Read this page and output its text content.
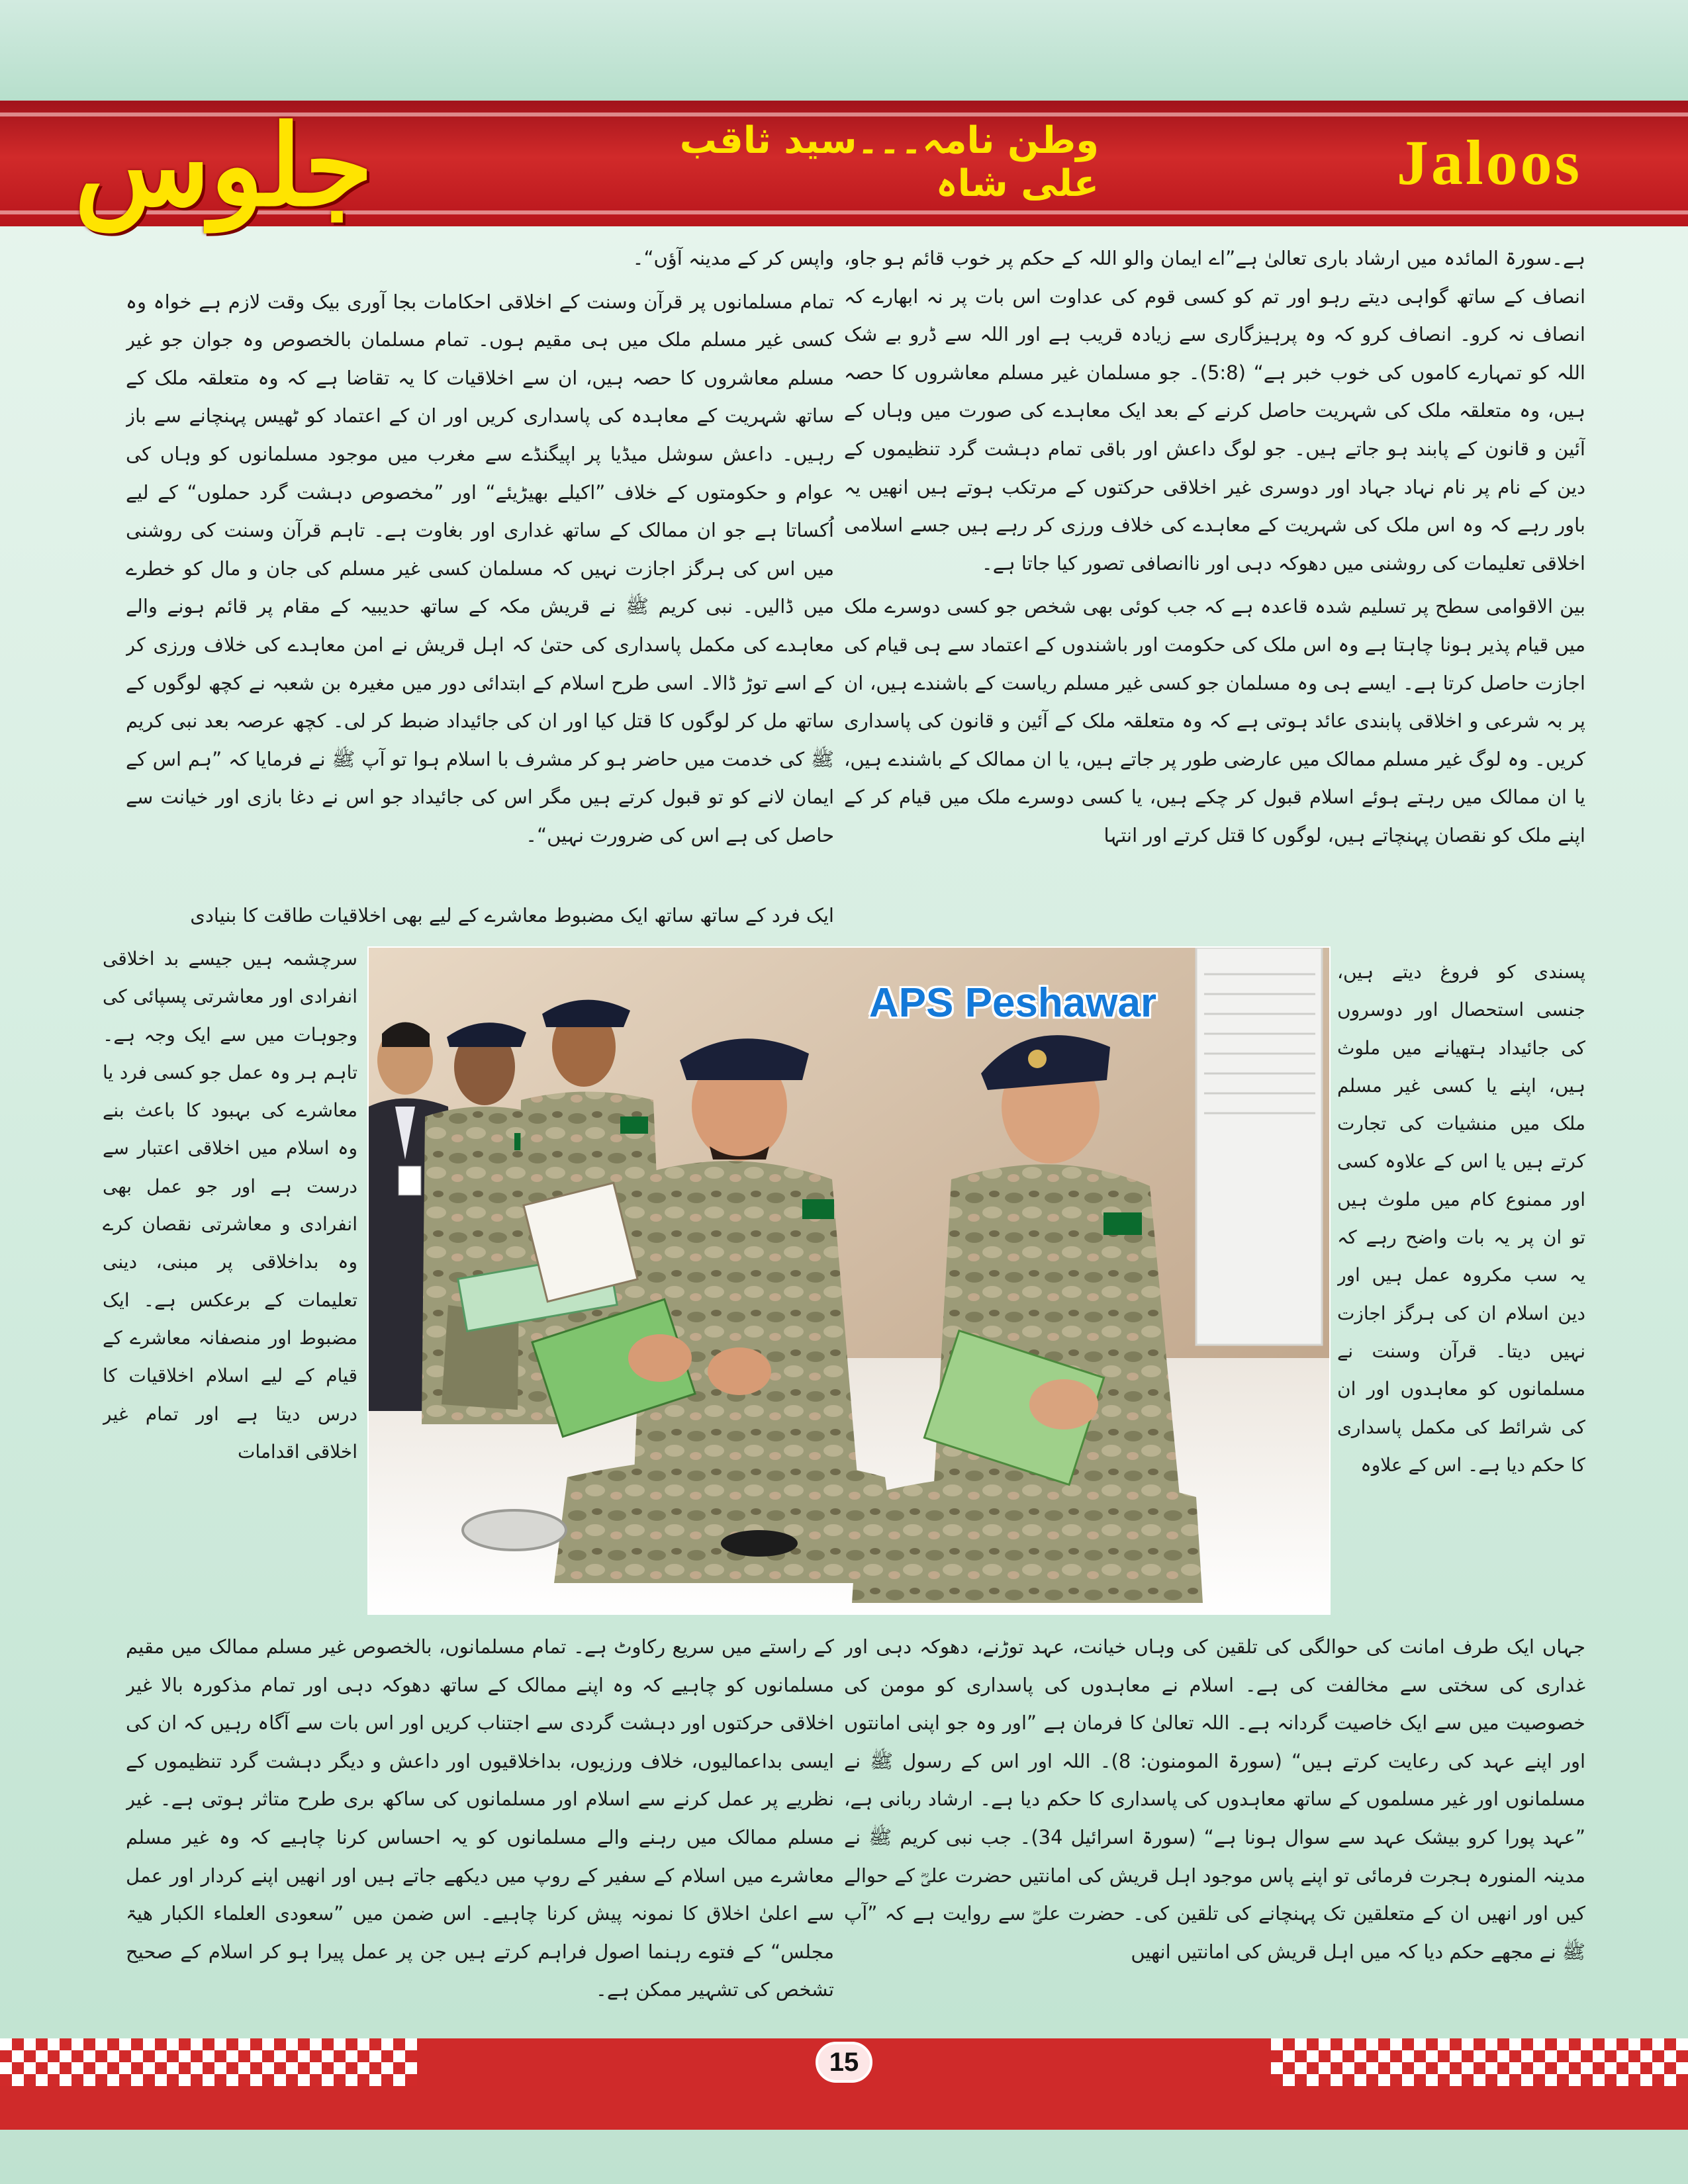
جلوس	وطن نامہ۔۔۔سید ثاقب علی شاہ	Jaloos

ہے۔سورۃ المائدہ میں ارشاد باری تعالیٰ ہے”اے ایمان والو اللہ کے حکم پر خوب قائم ہو جاو، انصاف کے ساتھ گواہی دیتے رہو اور تم کو کسی قوم کی عداوت اس بات پر نہ ابھارے کہ انصاف نہ کرو۔ انصاف کرو کہ وہ پرہیزگاری سے زیادہ قریب ہے اور اللہ سے ڈرو بے شک اللہ کو تمہارے کاموں کی خوب خبر ہے“ (5:8)۔ جو مسلمان غیر مسلم معاشروں کا حصہ ہیں، وہ متعلقہ ملک کی شہریت حاصل کرنے کے بعد ایک معاہدے کی صورت میں وہاں کے آئین و قانون کے پابند ہو جاتے ہیں۔ جو لوگ داعش اور باقی تمام دہشت گرد تنظیموں کے دین کے نام پر نام نہاد جہاد اور دوسری غیر اخلاقی حرکتوں کے مرتکب ہوتے ہیں انھیں یہ باور رہے کہ وہ اس ملک کی شہریت کے معاہدے کی خلاف ورزی کر رہے ہیں جسے اسلامی اخلاقی تعلیمات کی روشنی میں دھوکہ دہی اور ناانصافی تصور کیا جاتا ہے۔

بین الاقوامی سطح پر تسلیم شدہ قاعدہ ہے کہ جب کوئی بھی شخص جو کسی دوسرے ملک میں قیام پذیر ہونا چاہتا ہے وہ اس ملک کی حکومت اور باشندوں کے اعتماد سے ہی قیام کی اجازت حاصل کرتا ہے۔ ایسے ہی وہ مسلمان جو کسی غیر مسلم ریاست کے باشندے ہیں، ان پر بہ شرعی و اخلاقی پابندی عائد ہوتی ہے کہ وہ متعلقہ ملک کے آئین و قانون کی پاسداری کریں۔ وہ لوگ غیر مسلم ممالک میں عارضی طور پر جاتے ہیں، یا ان ممالک کے باشندے ہیں، یا ان ممالک میں رہتے ہوئے اسلام قبول کر چکے ہیں، یا کسی دوسرے ملک میں قیام کر کے اپنے ملک کو نقصان پہنچاتے ہیں، لوگوں کا قتل کرتے اور انتہا

واپس کر کے مدینہ آؤں“۔

تمام مسلمانوں پر قرآن وسنت کے اخلاقی احکامات بجا آوری بیک وقت لازم ہے خواہ وہ کسی غیر مسلم ملک میں ہی مقیم ہوں۔ تمام مسلمان بالخصوص وہ جوان جو غیر مسلم معاشروں کا حصہ ہیں، ان سے اخلاقیات کا یہ تقاضا ہے کہ وہ متعلقہ ملک کے ساتھ شہریت کے معاہدہ کی پاسداری کریں اور ان کے اعتماد کو ٹھیس پہنچانے سے باز رہیں۔ داعش سوشل میڈیا پر اپیگنڈے سے مغرب میں موجود مسلمانوں کو وہاں کی عوام و حکومتوں کے خلاف ”اکیلے بھیڑیئے“ اور ”مخصوص دہشت گرد حملوں“ کے لیے اُکساتا ہے جو ان ممالک کے ساتھ غداری اور بغاوت ہے۔ تاہم قرآن وسنت کی روشنی میں اس کی ہرگز اجازت نہیں کہ مسلمان کسی غیر مسلم کی جان و مال کو خطرے میں ڈالیں۔ نبی کریم ﷺ نے قریش مکہ کے ساتھ حدیبیہ کے مقام پر قائم ہونے والے معاہدے کی مکمل پاسداری کی حتیٰ کہ اہل قریش نے امن معاہدے کی خلاف ورزی کر کے اسے توڑ ڈالا۔ اسی طرح اسلام کے ابتدائی دور میں مغیرہ بن شعبہ نے کچھ لوگوں کے ساتھ مل کر لوگوں کا قتل کیا اور ان کی جائیداد ضبط کر لی۔ کچھ عرصہ بعد نبی کریم ﷺ کی خدمت میں حاضر ہو کر مشرف با اسلام ہوا تو آپ ﷺ نے فرمایا کہ ”ہم اس کے ایمان لانے کو تو قبول کرتے ہیں مگر اس کی جائیداد جو اس نے دغا بازی اور خیانت سے حاصل کی ہے اس کی ضرورت نہیں“۔

ایک فرد کے ساتھ ساتھ ایک مضبوط معاشرے کے لیے بھی اخلاقیات طاقت کا بنیادی

سرچشمہ ہیں جیسے بد اخلاقی انفرادی اور معاشرتی پسپائی کی وجوہات میں سے ایک وجہ ہے۔ تاہم ہر وہ عمل جو کسی فرد یا معاشرے کی بہبود کا باعث بنے وہ اسلام میں اخلاقی اعتبار سے درست ہے اور جو عمل بھی انفرادی و معاشرتی نقصان کرے وہ بداخلاقی پر مبنی، دینی تعلیمات کے برعکس ہے۔ ایک مضبوط اور منصفانہ معاشرے کے قیام کے لیے اسلام اخلاقیات کا درس دیتا ہے اور تمام غیر اخلاقی اقدامات

پسندی کو فروغ دیتے ہیں، جنسی استحصال اور دوسروں کی جائیداد ہتھیانے میں ملوث ہیں، اپنے یا کسی غیر مسلم ملک میں منشیات کی تجارت کرتے ہیں یا اس کے علاوہ کسی اور ممنوع کام میں ملوث ہیں تو ان پر یہ بات واضح رہے کہ یہ سب مکروہ عمل ہیں اور دین اسلام ان کی ہرگز اجازت نہیں دیتا۔ قرآن وسنت نے مسلمانوں کو معاہدوں اور ان کی شرائط کی مکمل پاسداری کا حکم دیا ہے۔ اس کے علاوہ

APS Peshawar

جہاں ایک طرف امانت کی حوالگی کی تلقین کی وہاں خیانت، عہد توڑنے، دھوکہ دہی اور غداری کی سختی سے مخالفت کی ہے۔ اسلام نے معاہدوں کی پاسداری کو مومن کی خصوصیت میں سے ایک خاصیت گردانہ ہے۔ اللہ تعالیٰ کا فرمان ہے ”اور وہ جو اپنی امانتوں اور اپنے عہد کی رعایت کرتے ہیں“ (سورۃ المومنون: 8)۔ اللہ اور اس کے رسول ﷺ نے مسلمانوں اور غیر مسلموں کے ساتھ معاہدوں کی پاسداری کا حکم دیا ہے۔ ارشاد ربانی ہے، ”عہد پورا کرو بیشک عہد سے سوال ہونا ہے“ (سورۃ اسرائیل 34)۔ جب نبی کریم ﷺ نے مدینہ المنورہ ہجرت فرمائی تو اپنے پاس موجود اہل قریش کی امانتیں حضرت علیؓ کے حوالے کیں اور انھیں ان کے متعلقین تک پہنچانے کی تلقین کی۔ حضرت علیؓ سے روایت ہے کہ ”آپ ﷺ نے مجھے حکم دیا کہ میں اہل قریش کی امانتیں انھیں

کے راستے میں سریع رکاوٹ ہے۔ تمام مسلمانوں، بالخصوص غیر مسلم ممالک میں مقیم مسلمانوں کو چاہیے کہ وہ اپنے ممالک کے ساتھ دھوکہ دہی اور تمام مذکورہ بالا غیر اخلاقی حرکتوں اور دہشت گردی سے اجتناب کریں اور اس بات سے آگاہ رہیں کہ ان کی ایسی بداعمالیوں، خلاف ورزیوں، بداخلاقیوں اور داعش و دیگر دہشت گرد تنظیموں کے نظریے پر عمل کرنے سے اسلام اور مسلمانوں کی ساکھ بری طرح متاثر ہوتی ہے۔ غیر مسلم ممالک میں رہنے والے مسلمانوں کو یہ احساس کرنا چاہیے کہ وہ غیر مسلم معاشرے میں اسلام کے سفیر کے روپ میں دیکھے جاتے ہیں اور انھیں اپنے کردار اور عمل سے اعلیٰ اخلاق کا نمونہ پیش کرنا چاہیے۔ اس ضمن میں ”سعودی العلماء الکبار ھیۃ مجلس“ کے فتوے رہنما اصول فراہم کرتے ہیں جن پر عمل پیرا ہو کر اسلام کے صحیح تشخص کی تشہیر ممکن ہے۔

15
